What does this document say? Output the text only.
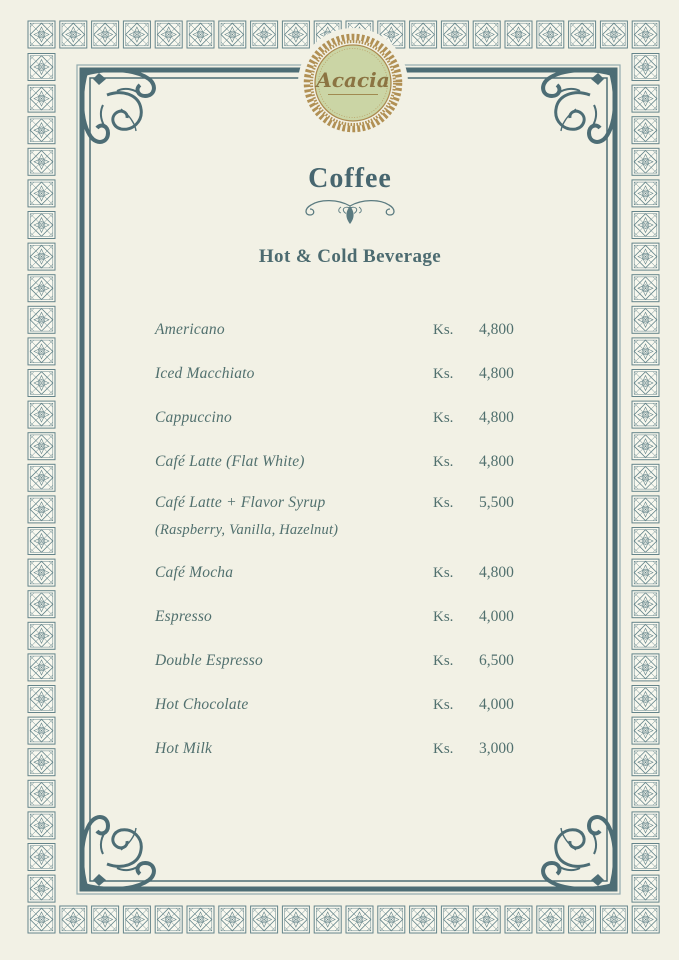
Acacia
Coffee
Hot & Cold Beverage
Americano	Ks.	4,800
Iced Macchiato	Ks.	4,800
Cappuccino	Ks.	4,800
Café Latte (Flat White)	Ks.	4,800
Café Latte + Flavor Syrup	Ks.	5,500
(Raspberry, Vanilla, Hazelnut)
Café Mocha	Ks.	4,800
Espresso	Ks.	4,000
Double Espresso	Ks.	6,500
Hot Chocolate	Ks.	4,000
Hot Milk	Ks.	3,000
